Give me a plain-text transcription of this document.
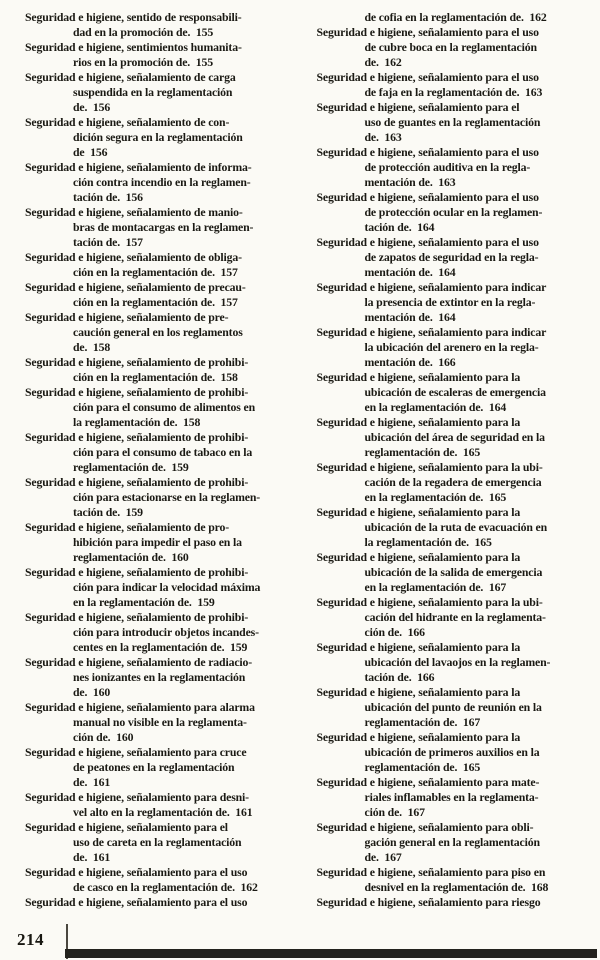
Seguridad e higiene, sentido de responsabili-
dad en la promoción de.  155
Seguridad e higiene, sentimientos humanita-
rios en la promoción de.  155
Seguridad e higiene, señalamiento de carga
suspendida en la reglamentación
de.  156
Seguridad e higiene, señalamiento de con-
dición segura en la reglamentación
de  156
Seguridad e higiene, señalamiento de informa-
ción contra incendio en la reglamen-
tación de.  156
Seguridad e higiene, señalamiento de manio-
bras de montacargas en la reglamen-
tación de.  157
Seguridad e higiene, señalamiento de obliga-
ción en la reglamentación de.  157
Seguridad e higiene, señalamiento de precau-
ción en la reglamentación de.  157
Seguridad e higiene, señalamiento de pre-
caución general en los reglamentos
de.  158
Seguridad e higiene, señalamiento de prohibi-
ción en la reglamentación de.  158
Seguridad e higiene, señalamiento de prohibi-
ción para el consumo de alimentos en
la reglamentación de.  158
Seguridad e higiene, señalamiento de prohibi-
ción para el consumo de tabaco en la
reglamentación de.  159
Seguridad e higiene, señalamiento de prohibi-
ción para estacionarse en la reglamen-
tación de.  159
Seguridad e higiene, señalamiento de pro-
hibición para impedir el paso en la
reglamentación de.  160
Seguridad e higiene, señalamiento de prohibi-
ción para indicar la velocidad máxima
en la reglamentación de.  159
Seguridad e higiene, señalamiento de prohibi-
ción para introducir objetos incandes-
centes en la reglamentación de.  159
Seguridad e higiene, señalamiento de radiacio-
nes ionizantes en la reglamentación
de.  160
Seguridad e higiene, señalamiento para alarma
manual no visible en la reglamenta-
ción de.  160
Seguridad e higiene, señalamiento para cruce
de peatones en la reglamentación
de.  161
Seguridad e higiene, señalamiento para desni-
vel alto en la reglamentación de.  161
Seguridad e higiene, señalamiento para el
uso de careta en la reglamentación
de.  161
Seguridad e higiene, señalamiento para el uso
de casco en la reglamentación de.  162
Seguridad e higiene, señalamiento para el uso
de cofia en la reglamentación de.  162
Seguridad e higiene, señalamiento para el uso
de cubre boca en la reglamentación
de.  162
Seguridad e higiene, señalamiento para el uso
de faja en la reglamentación de.  163
Seguridad e higiene, señalamiento para el
uso de guantes en la reglamentación
de.  163
Seguridad e higiene, señalamiento para el uso
de protección auditiva en la regla-
mentación de.  163
Seguridad e higiene, señalamiento para el uso
de protección ocular en la reglamen-
tación de.  164
Seguridad e higiene, señalamiento para el uso
de zapatos de seguridad en la regla-
mentación de.  164
Seguridad e higiene, señalamiento para indicar
la presencia de extintor en la regla-
mentación de.  164
Seguridad e higiene, señalamiento para indicar
la ubicación del arenero en la regla-
mentación de.  166
Seguridad e higiene, señalamiento para la
ubicación de escaleras de emergencia
en la reglamentación de.  164
Seguridad e higiene, señalamiento para la
ubicación del área de seguridad en la
reglamentación de.  165
Seguridad e higiene, señalamiento para la ubi-
cación de la regadera de emergencia
en la reglamentación de.  165
Seguridad e higiene, señalamiento para la
ubicación de la ruta de evacuación en
la reglamentación de.  165
Seguridad e higiene, señalamiento para la
ubicación de la salida de emergencia
en la reglamentación de.  167
Seguridad e higiene, señalamiento para la ubi-
cación del hidrante en la reglamenta-
ción de.  166
Seguridad e higiene, señalamiento para la
ubicación del lavaojos en la reglamen-
tación de.  166
Seguridad e higiene, señalamiento para la
ubicación del punto de reunión en la
reglamentación de.  167
Seguridad e higiene, señalamiento para la
ubicación de primeros auxilios en la
reglamentación de.  165
Seguridad e higiene, señalamiento para mate-
riales inflamables en la reglamenta-
ción de.  167
Seguridad e higiene, señalamiento para obli-
gación general en la reglamentación
de.  167
Seguridad e higiene, señalamiento para piso en
desnivel en la reglamentación de.  168
Seguridad e higiene, señalamiento para riesgo
214
